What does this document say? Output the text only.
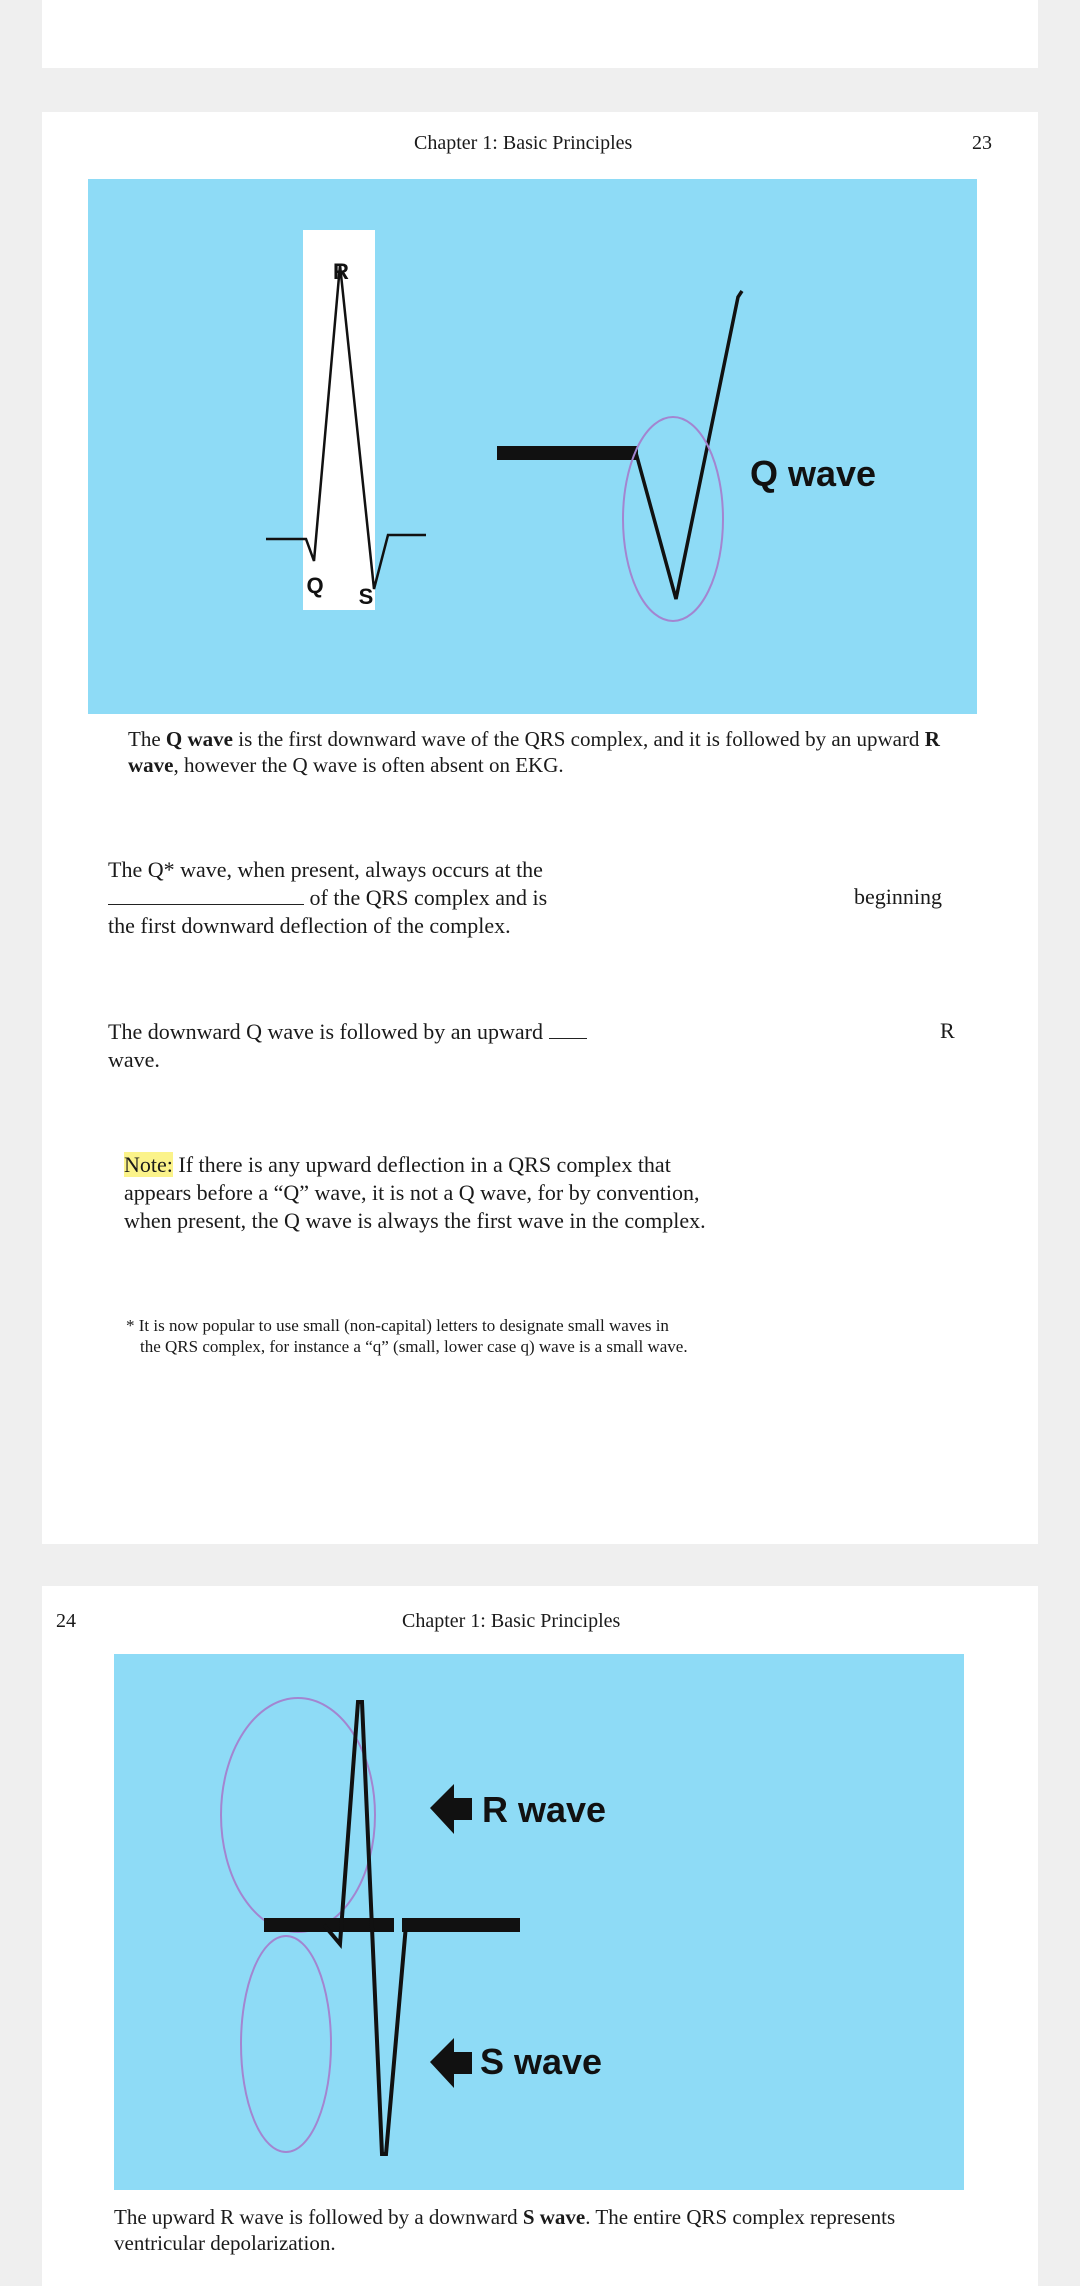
Chapter 1: Basic Principles	23
R
Q S
Q wave
The Q wave is the first downward wave of the QRS complex, and it is followed by an upward R wave, however the Q wave is often absent on EKG.
The Q* wave, when present, always occurs at the
of the QRS complex and is
the first downward deflection of the complex.
beginning
The downward Q wave is followed by an upward
wave.
R
Note: If there is any upward deflection in a QRS complex that
appears before a “Q” wave, it is not a Q wave, for by convention,
when present, the Q wave is always the first wave in the complex.
* It is now popular to use small (non-capital) letters to designate small waves in
the QRS complex, for instance a “q” (small, lower case q) wave is a small wave.
24	Chapter 1: Basic Principles
R wave
S wave
The upward R wave is followed by a downward S wave. The entire QRS complex represents ventricular depolarization.
